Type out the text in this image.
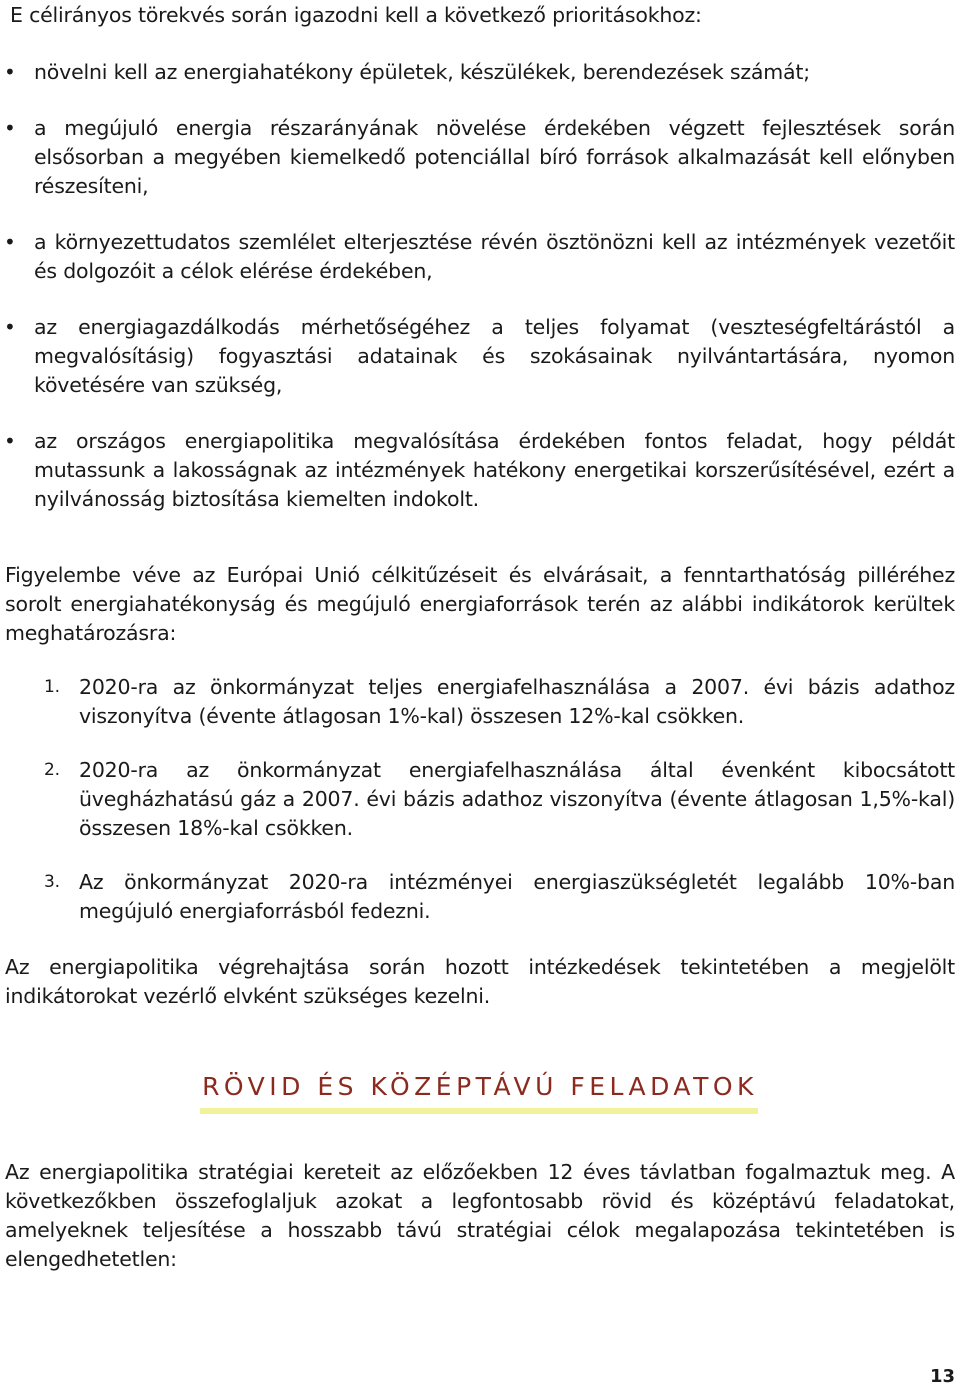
E célirányos törekvés során igazodni kell a következő prioritásokhoz:
• növelni kell az energiahatékony épületek, készülékek, berendezések számát;
• a megújuló energia részarányának növelése érdekében végzett fejlesztések során elsősorban a megyében kiemelkedő potenciállal bíró források alkalmazását kell előnyben részesíteni,
• a környezettudatos szemlélet elterjesztése révén ösztönözni kell az intézmények vezetőit és dolgozóit a célok elérése érdekében,
• az energiagazdálkodás mérhetőségéhez a teljes folyamat (veszteségfeltárástól a megvalósításig) fogyasztási adatainak és szokásainak nyilvántartására, nyomon követésére van szükség,
• az országos energiapolitika megvalósítása érdekében fontos feladat, hogy példát mutassunk a lakosságnak az intézmények hatékony energetikai korszerűsítésével, ezért a nyilvánosság biztosítása kiemelten indokolt.
Figyelembe véve az Európai Unió célkitűzéseit és elvárásait, a fenntarthatóság pilléréhez sorolt energiahatékonyság és megújuló energiaforrások terén az alábbi indikátorok kerültek meghatározásra:
1. 2020-ra az önkormányzat teljes energiafelhasználása a 2007. évi bázis adathoz viszonyítva (évente átlagosan 1%-kal) összesen 12%-kal csökken.
2. 2020-ra az önkormányzat energiafelhasználása által évenként kibocsátott üvegházhatású gáz a 2007. évi bázis adathoz viszonyítva (évente átlagosan 1,5%-kal) összesen 18%-kal csökken.
3. Az önkormányzat 2020-ra intézményei energiaszükségletét legalább 10%-ban megújuló energiaforrásból fedezni.
Az energiapolitika végrehajtása során hozott intézkedések tekintetében a megjelölt indikátorokat vezérlő elvként szükséges kezelni.
RÖVID ÉS KÖZÉPTÁVÚ FELADATOK
Az energiapolitika stratégiai kereteit az előzőekben 12 éves távlatban fogalmaztuk meg. A következőkben összefoglaljuk azokat a legfontosabb rövid és középtávú feladatokat, amelyeknek teljesítése a hosszabb távú stratégiai célok megalapozása tekintetében is elengedhetetlen:
13
